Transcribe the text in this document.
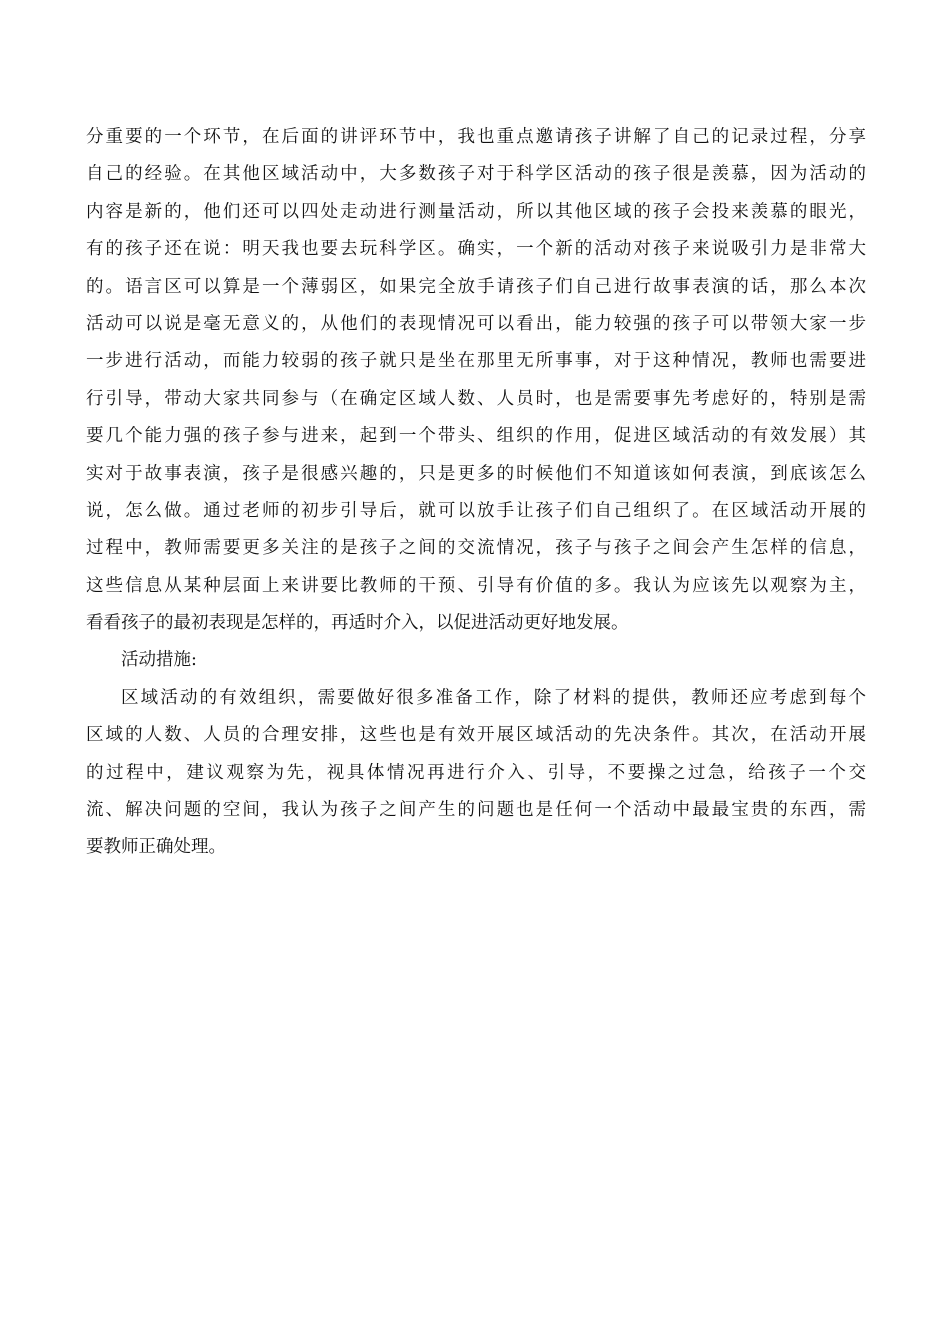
分重要的一个环节，在后面的讲评环节中，我也重点邀请孩子讲解了自己的记录过程，分享
自己的经验。在其他区域活动中，大多数孩子对于科学区活动的孩子很是羡慕，因为活动的
内容是新的，他们还可以四处走动进行测量活动，所以其他区域的孩子会投来羡慕的眼光，
有的孩子还在说：明天我也要去玩科学区。确实，一个新的活动对孩子来说吸引力是非常大
的。语言区可以算是一个薄弱区，如果完全放手请孩子们自己进行故事表演的话，那么本次
活动可以说是毫无意义的，从他们的表现情况可以看出，能力较强的孩子可以带领大家一步
一步进行活动，而能力较弱的孩子就只是坐在那里无所事事，对于这种情况，教师也需要进
行引导，带动大家共同参与（在确定区域人数、人员时，也是需要事先考虑好的，特别是需
要几个能力强的孩子参与进来，起到一个带头、组织的作用，促进区域活动的有效发展）其
实对于故事表演，孩子是很感兴趣的，只是更多的时候他们不知道该如何表演，到底该怎么
说，怎么做。通过老师的初步引导后，就可以放手让孩子们自己组织了。在区域活动开展的
过程中，教师需要更多关注的是孩子之间的交流情况，孩子与孩子之间会产生怎样的信息，
这些信息从某种层面上来讲要比教师的干预、引导有价值的多。我认为应该先以观察为主，
看看孩子的最初表现是怎样的，再适时介入，以促进活动更好地发展。
活动措施:
区域活动的有效组织，需要做好很多准备工作，除了材料的提供，教师还应考虑到每个
区域的人数、人员的合理安排，这些也是有效开展区域活动的先决条件。其次，在活动开展
的过程中，建议观察为先，视具体情况再进行介入、引导，不要操之过急，给孩子一个交
流、解决问题的空间，我认为孩子之间产生的问题也是任何一个活动中最最宝贵的东西，需
要教师正确处理。
